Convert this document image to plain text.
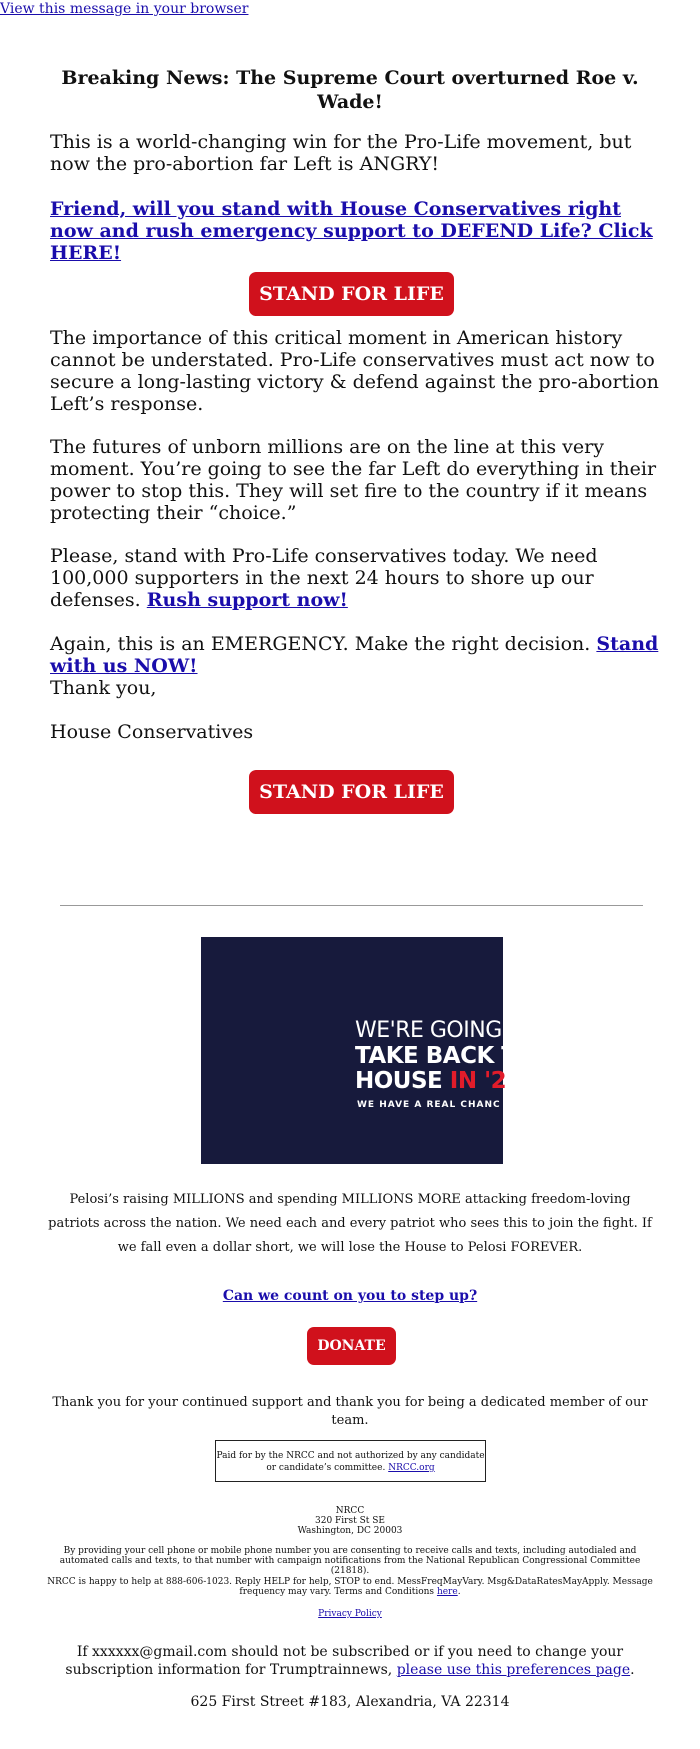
View this message in your browser
Breaking News: The Supreme Court overturned Roe v. Wade!
This is a world-changing win for the Pro-Life movement, but now the pro-abortion far Left is ANGRY!
Friend, will you stand with House Conservatives right now and rush emergency support to DEFEND Life? Click HERE!
STAND FOR LIFE
The importance of this critical moment in American history cannot be understated. Pro-Life conservatives must act now to secure a long-lasting victory & defend against the pro-abortion Left’s response.
The futures of unborn millions are on the line at this very moment. You’re going to see the far Left do everything in their power to stop this. They will set fire to the country if it means protecting their “choice.”
Please, stand with Pro-Life conservatives today. We need 100,000 supporters in the next 24 hours to shore up our defenses. Rush support now!
Again, this is an EMERGENCY. Make the right decision. Stand with us NOW!
Thank you,
House Conservatives
STAND FOR LIFE
WE'RE GOING T
TAKE BACK TH
HOUSE IN '2
WE HAVE A REAL CHANC
Pelosi’s raising MILLIONS and spending MILLIONS MORE attacking freedom-loving patriots across the nation. We need each and every patriot who sees this to join the fight. If we fall even a dollar short, we will lose the House to Pelosi FOREVER.
Can we count on you to step up?
DONATE
Thank you for your continued support and thank you for being a dedicated member of our team.
Paid for by the NRCC and not authorized by any candidate or candidate’s committee. NRCC.org
NRCC
320 First St SE
Washington, DC 20003
By providing your cell phone or mobile phone number you are consenting to receive calls and texts, including autodialed and automated calls and texts, to that number with campaign notifications from the National Republican Congressional Committee (21818).
NRCC is happy to help at 888-606-1023. Reply HELP for help, STOP to end. MessFreqMayVary. Msg&DataRatesMayApply. Message frequency may vary. Terms and Conditions here.
Privacy Policy
If xxxxxx@gmail.com should not be subscribed or if you need to change your subscription information for Trumptrainnews, please use this preferences page.
625 First Street #183, Alexandria, VA 22314
